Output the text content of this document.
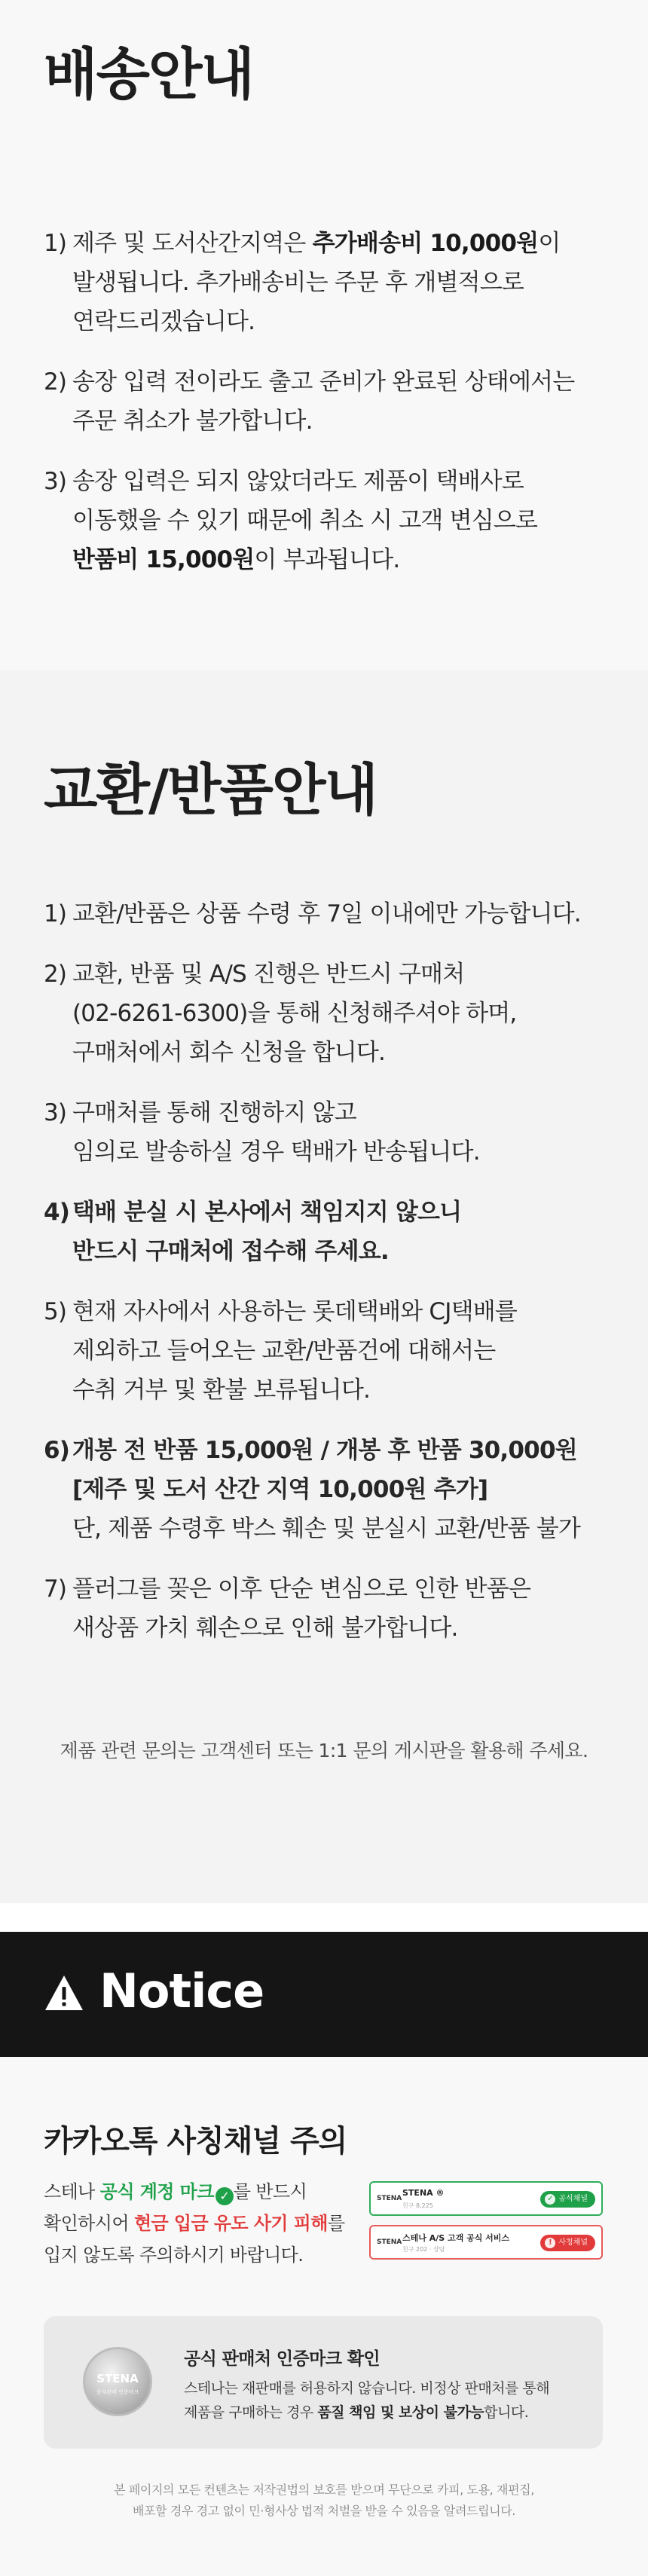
배송안내
1) 제주 및 도서산간지역은 추가배송비 10,000원이
발생됩니다. 추가배송비는 주문 후 개별적으로
연락드리겠습니다.
2) 송장 입력 전이라도 출고 준비가 완료된 상태에서는
주문 취소가 불가합니다.
3) 송장 입력은 되지 않았더라도 제품이 택배사로
이동했을 수 있기 때문에 취소 시 고객 변심으로
반품비 15,000원이 부과됩니다.
교환/반품안내
1) 교환/반품은 상품 수령 후 7일 이내에만 가능합니다.
2) 교환, 반품 및 A/S 진행은 반드시 구매처
(02-6261-6300)을 통해 신청해주셔야 하며,
구매처에서 회수 신청을 합니다.
3) 구매처를 통해 진행하지 않고
임의로 발송하실 경우 택배가 반송됩니다.
4) 택배 분실 시 본사에서 책임지지 않으니
반드시 구매처에 접수해 주세요.
5) 현재 자사에서 사용하는 롯데택배와 CJ택배를
제외하고 들어오는 교환/반품건에 대해서는
수취 거부 및 환불 보류됩니다.
6) 개봉 전 반품 15,000원 / 개봉 후 반품 30,000원
[제주 및 도서 산간 지역 10,000원 추가]
단, 제품 수령후 박스 훼손 및 분실시 교환/반품 불가
7) 플러그를 꽂은 이후 단순 변심으로 인한 반품은
새상품 가치 훼손으로 인해 불가합니다.

제품 관련 문의는 고객센터 또는 1:1 문의 게시판을 활용해 주세요.

Notice
카카오톡 사칭채널 주의
스테나 공식 계정 마크 ✓ 를 반드시
확인하시어 현금 입금 유도 사기 피해를
입지 않도록 주의하시기 바랍니다.
STENA
STENA ®
친구 8,225
✓ 공식채널
STENA 스테나 A/S 고객 공식 서비스
친구 202 · 상담
! 사칭채널
STENA
공식판매 인증마크
공식 판매처 인증마크 확인
스테나는 재판매를 허용하지 않습니다. 비정상 판매처를 통해
제품을 구매하는 경우 품질 책임 및 보상이 불가능합니다.
본 페이지의 모든 컨텐츠는 저작권법의 보호를 받으며 무단으로 카피, 도용, 재편집,
배포할 경우 경고 없이 민·형사상 법적 처벌을 받을 수 있음을 알려드립니다.
